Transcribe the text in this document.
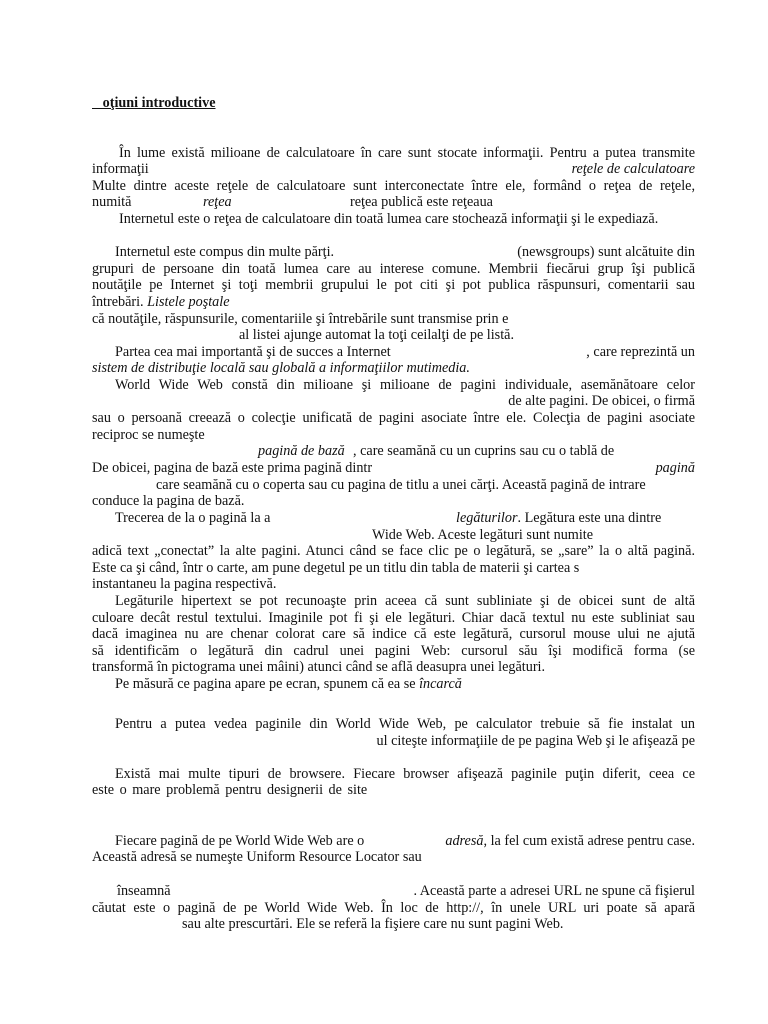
oţiuni introductive
În lume există milioane de calculatoare în care sunt stocate informaţii. Pentru a putea transmite
informaţii	reţele de calculatoare
Multe dintre aceste reţele de calculatoare sunt interconectate între ele, formând o reţea de reţele,
numită	reţea	reţea publică este reţeaua
Internetul este o reţea de calculatoare din toată lumea care stochează informaţii şi le expediază.
Internetul este compus din multe părţi.	(newsgroups) sunt alcătuite din
grupuri de persoane din toată lumea care au interese comune. Membrii fiecărui grup îşi publică
noutăţile pe Internet şi toţi membrii grupului le pot citi şi pot publica răspunsuri, comentarii sau
întrebări. Listele poştale
că noutăţile, răspunsurile, comentariile şi întrebările sunt transmise prin e
al listei ajunge automat la toţi ceilalţi de pe listă.
Partea cea mai importantă şi de succes a Internet	, care reprezintă un
sistem de distribuţie locală sau globală a informaţiilor mutimedia.
World Wide Web constă din milioane şi milioane de pagini individuale, asemănătoare celor
de alte pagini. De obicei, o firmă
sau o persoană creează o colecţie unificată de pagini asociate între ele. Colecţia de pagini asociate
reciproc se numeşte
pagină de bază , care seamănă cu un cuprins sau cu o tablă de
De obicei, pagina de bază este prima pagină dintr	pagină
care seamănă cu o coperta sau cu pagina de titlu a unei cărţi. Această pagină de intrare
conduce la pagina de bază.
Trecerea de la o pagină la a	legăturilor. Legătura este una dintre
Wide Web. Aceste legături sunt numite
adică text „conectat” la alte pagini. Atunci când se face clic pe o legătură, se „sare” la o altă pagină.
Este ca şi când, într o carte, am pune degetul pe un titlu din tabla de materii şi cartea s
instantaneu la pagina respectivă.
Legăturile hipertext se pot recunoaşte prin aceea că sunt subliniate şi de obicei sunt de altă
culoare decât restul textului. Imaginile pot fi şi ele legături. Chiar dacă textul nu este subliniat sau
dacă imaginea nu are chenar colorat care să indice că este legătură, cursorul mouse ului ne ajută
să identificăm o legătură din cadrul unei pagini Web: cursorul său îşi modifică forma (se
transformă în pictograma unei mâini) atunci când se află deasupra unei legături.
Pe măsură ce pagina apare pe ecran, spunem că ea se încarcă
Pentru a putea vedea paginile din World Wide Web, pe calculator trebuie să fie instalat un
ul citeşte informaţiile de pe pagina Web şi le afişează pe
Există mai multe tipuri de browsere. Fiecare browser afişează paginile puţin diferit, ceea ce
este o mare problemă pentru designerii de site
Fiecare pagină de pe World Wide Web are o	adresă, la fel cum există adrese pentru case.
Această adresă se numeşte Uniform Resource Locator sau
înseamnă	. Această parte a adresei URL ne spune că fişierul
căutat este o pagină de pe World Wide Web. În loc de http://, în unele URL uri poate să apară
sau alte prescurtări. Ele se referă la fişiere care nu sunt pagini Web.
